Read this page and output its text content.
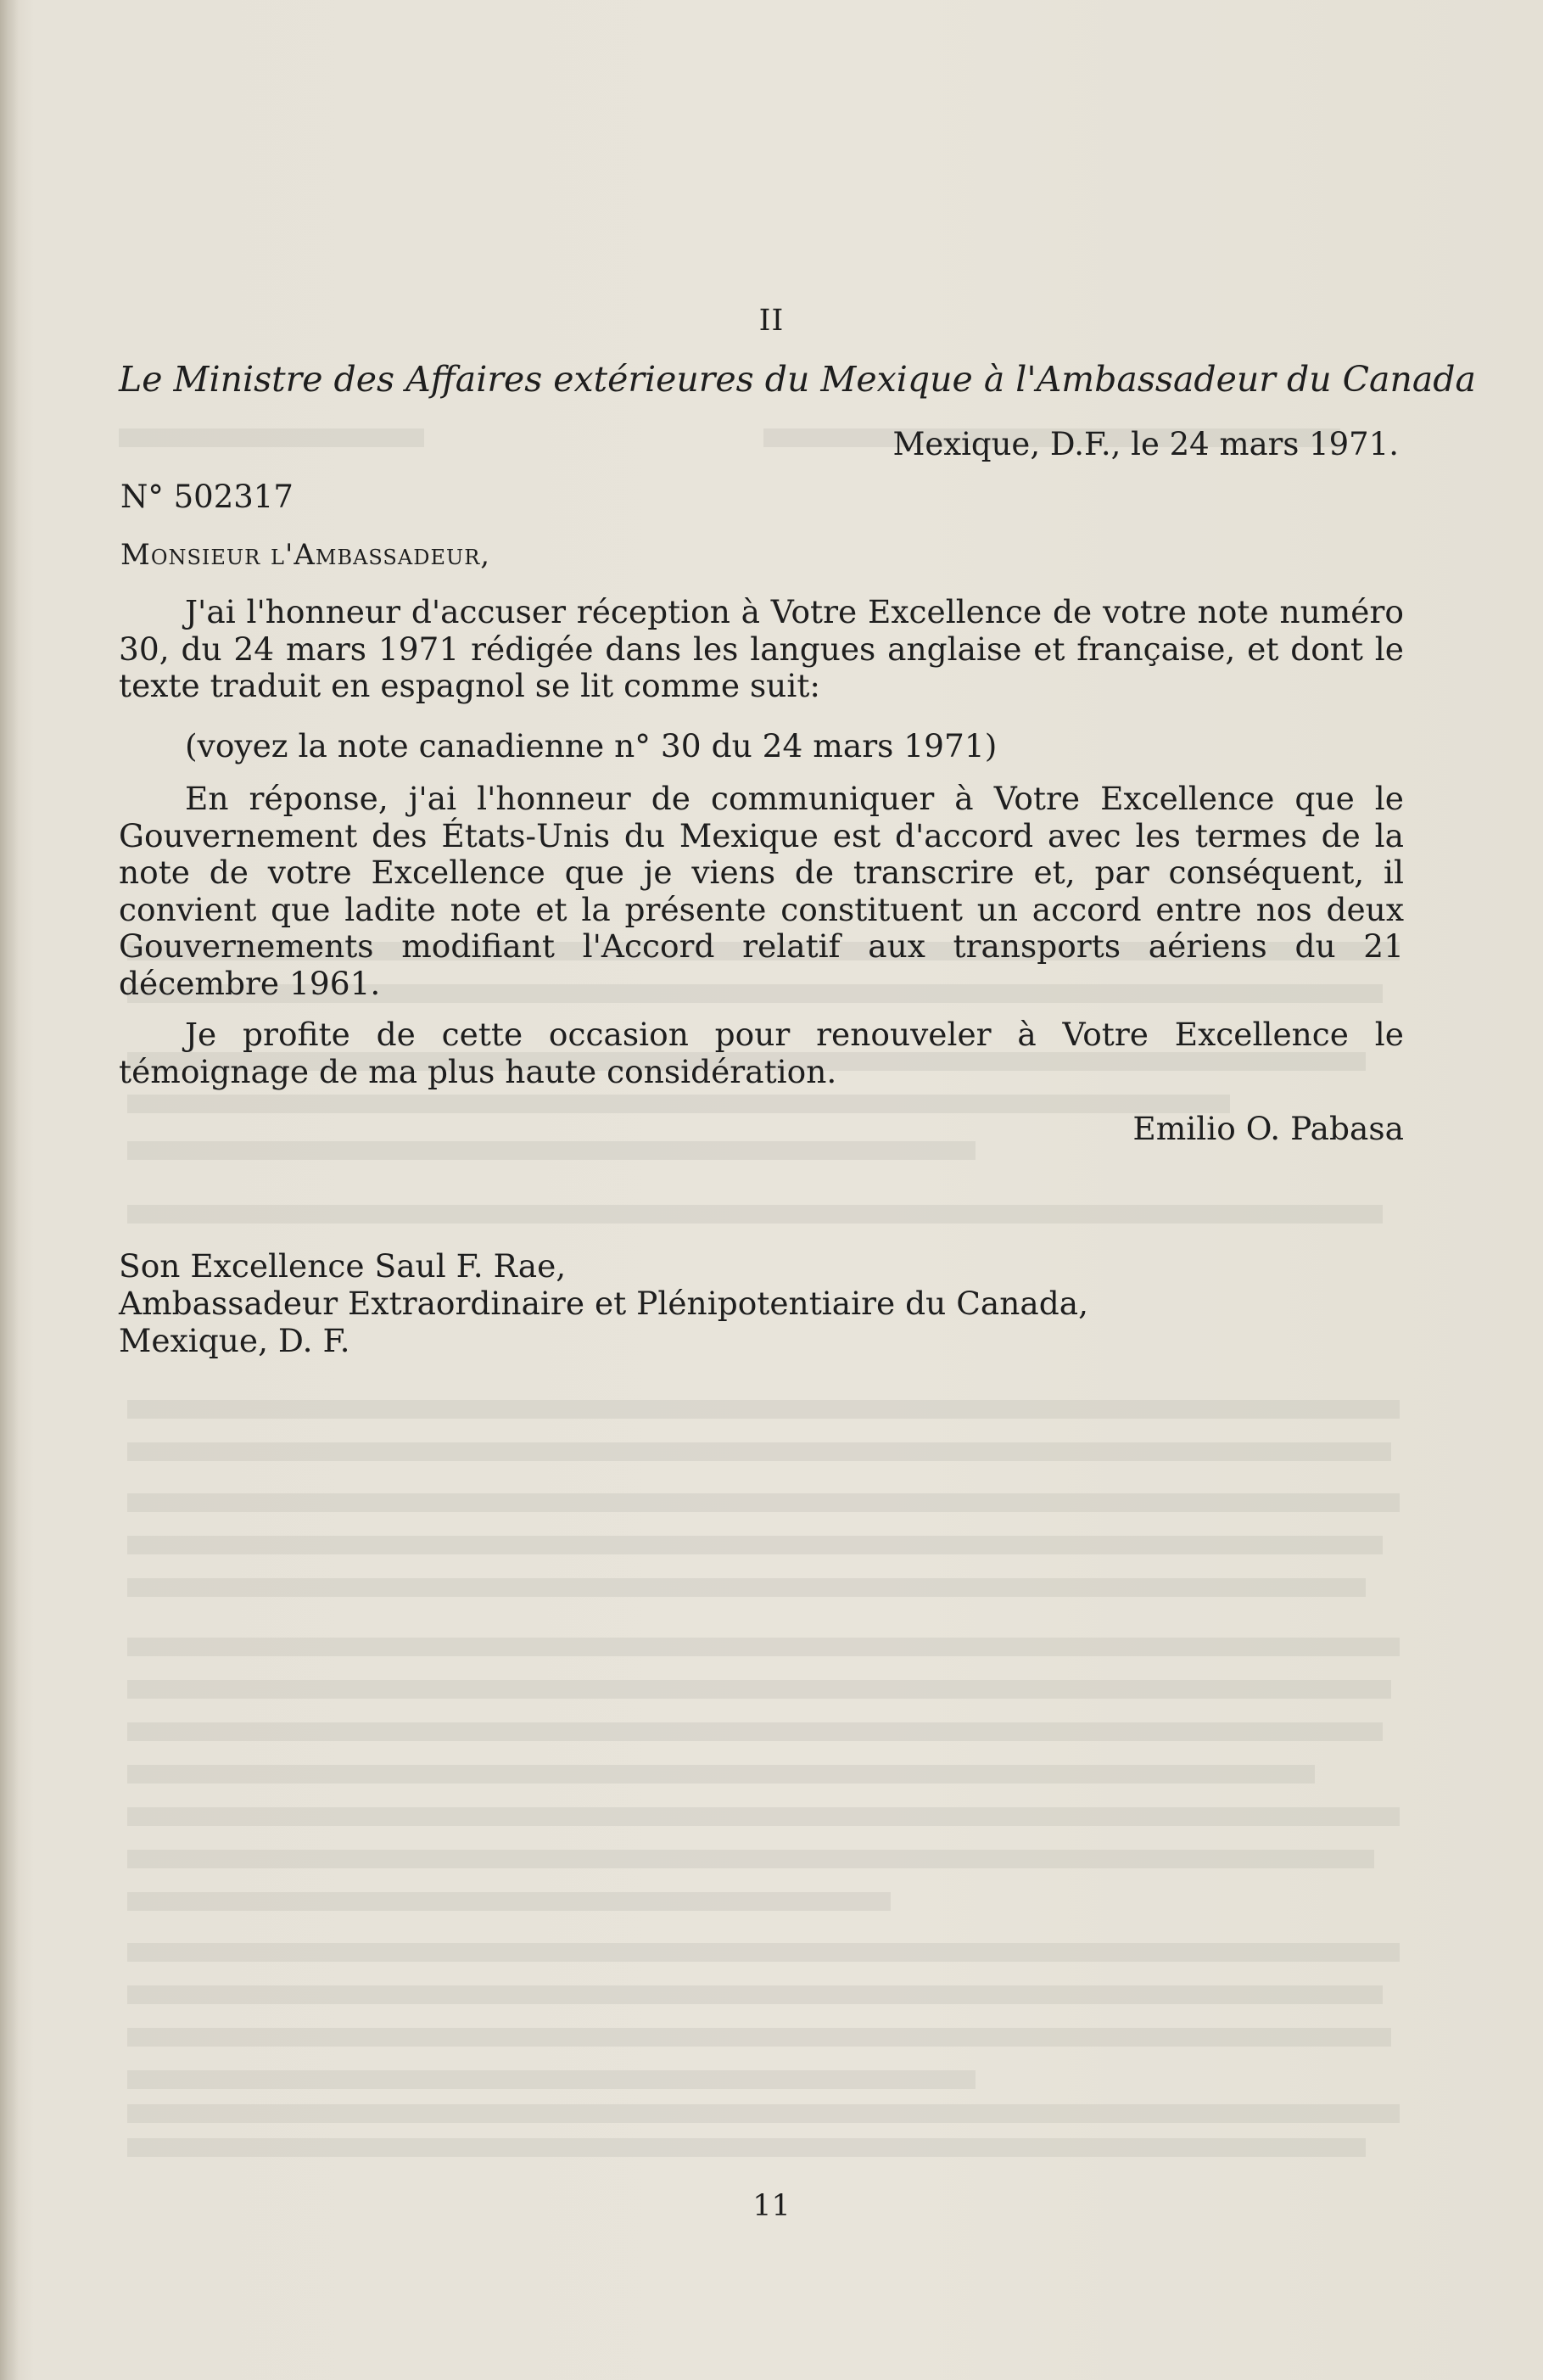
II
Le Ministre des Affaires extérieures du Mexique à l'Ambassadeur du Canada
Mexique, D.F., le 24 mars 1971.
N° 502317
Monsieur l'Ambassadeur,

J'ai l'honneur d'accuser réception à Votre Excellence de votre note numéro 30, du 24 mars 1971 rédigée dans les langues anglaise et française, et dont le texte traduit en espagnol se lit comme suit:

(voyez la note canadienne n° 30 du 24 mars 1971)

En réponse, j'ai l'honneur de communiquer à Votre Excellence que le Gouvernement des États-Unis du Mexique est d'accord avec les termes de la note de votre Excellence que je viens de transcrire et, par conséquent, il convient que ladite note et la présente constituent un accord entre nos deux Gouvernements modifiant l'Accord relatif aux transports aériens du 21 décembre 1961.

Je profite de cette occasion pour renouveler à Votre Excellence le témoignage de ma plus haute considération.

Emilio O. Pabasa
Son Excellence Saul F. Rae,
Ambassadeur Extraordinaire et Plénipotentiaire du Canada,
Mexique, D. F.
11
